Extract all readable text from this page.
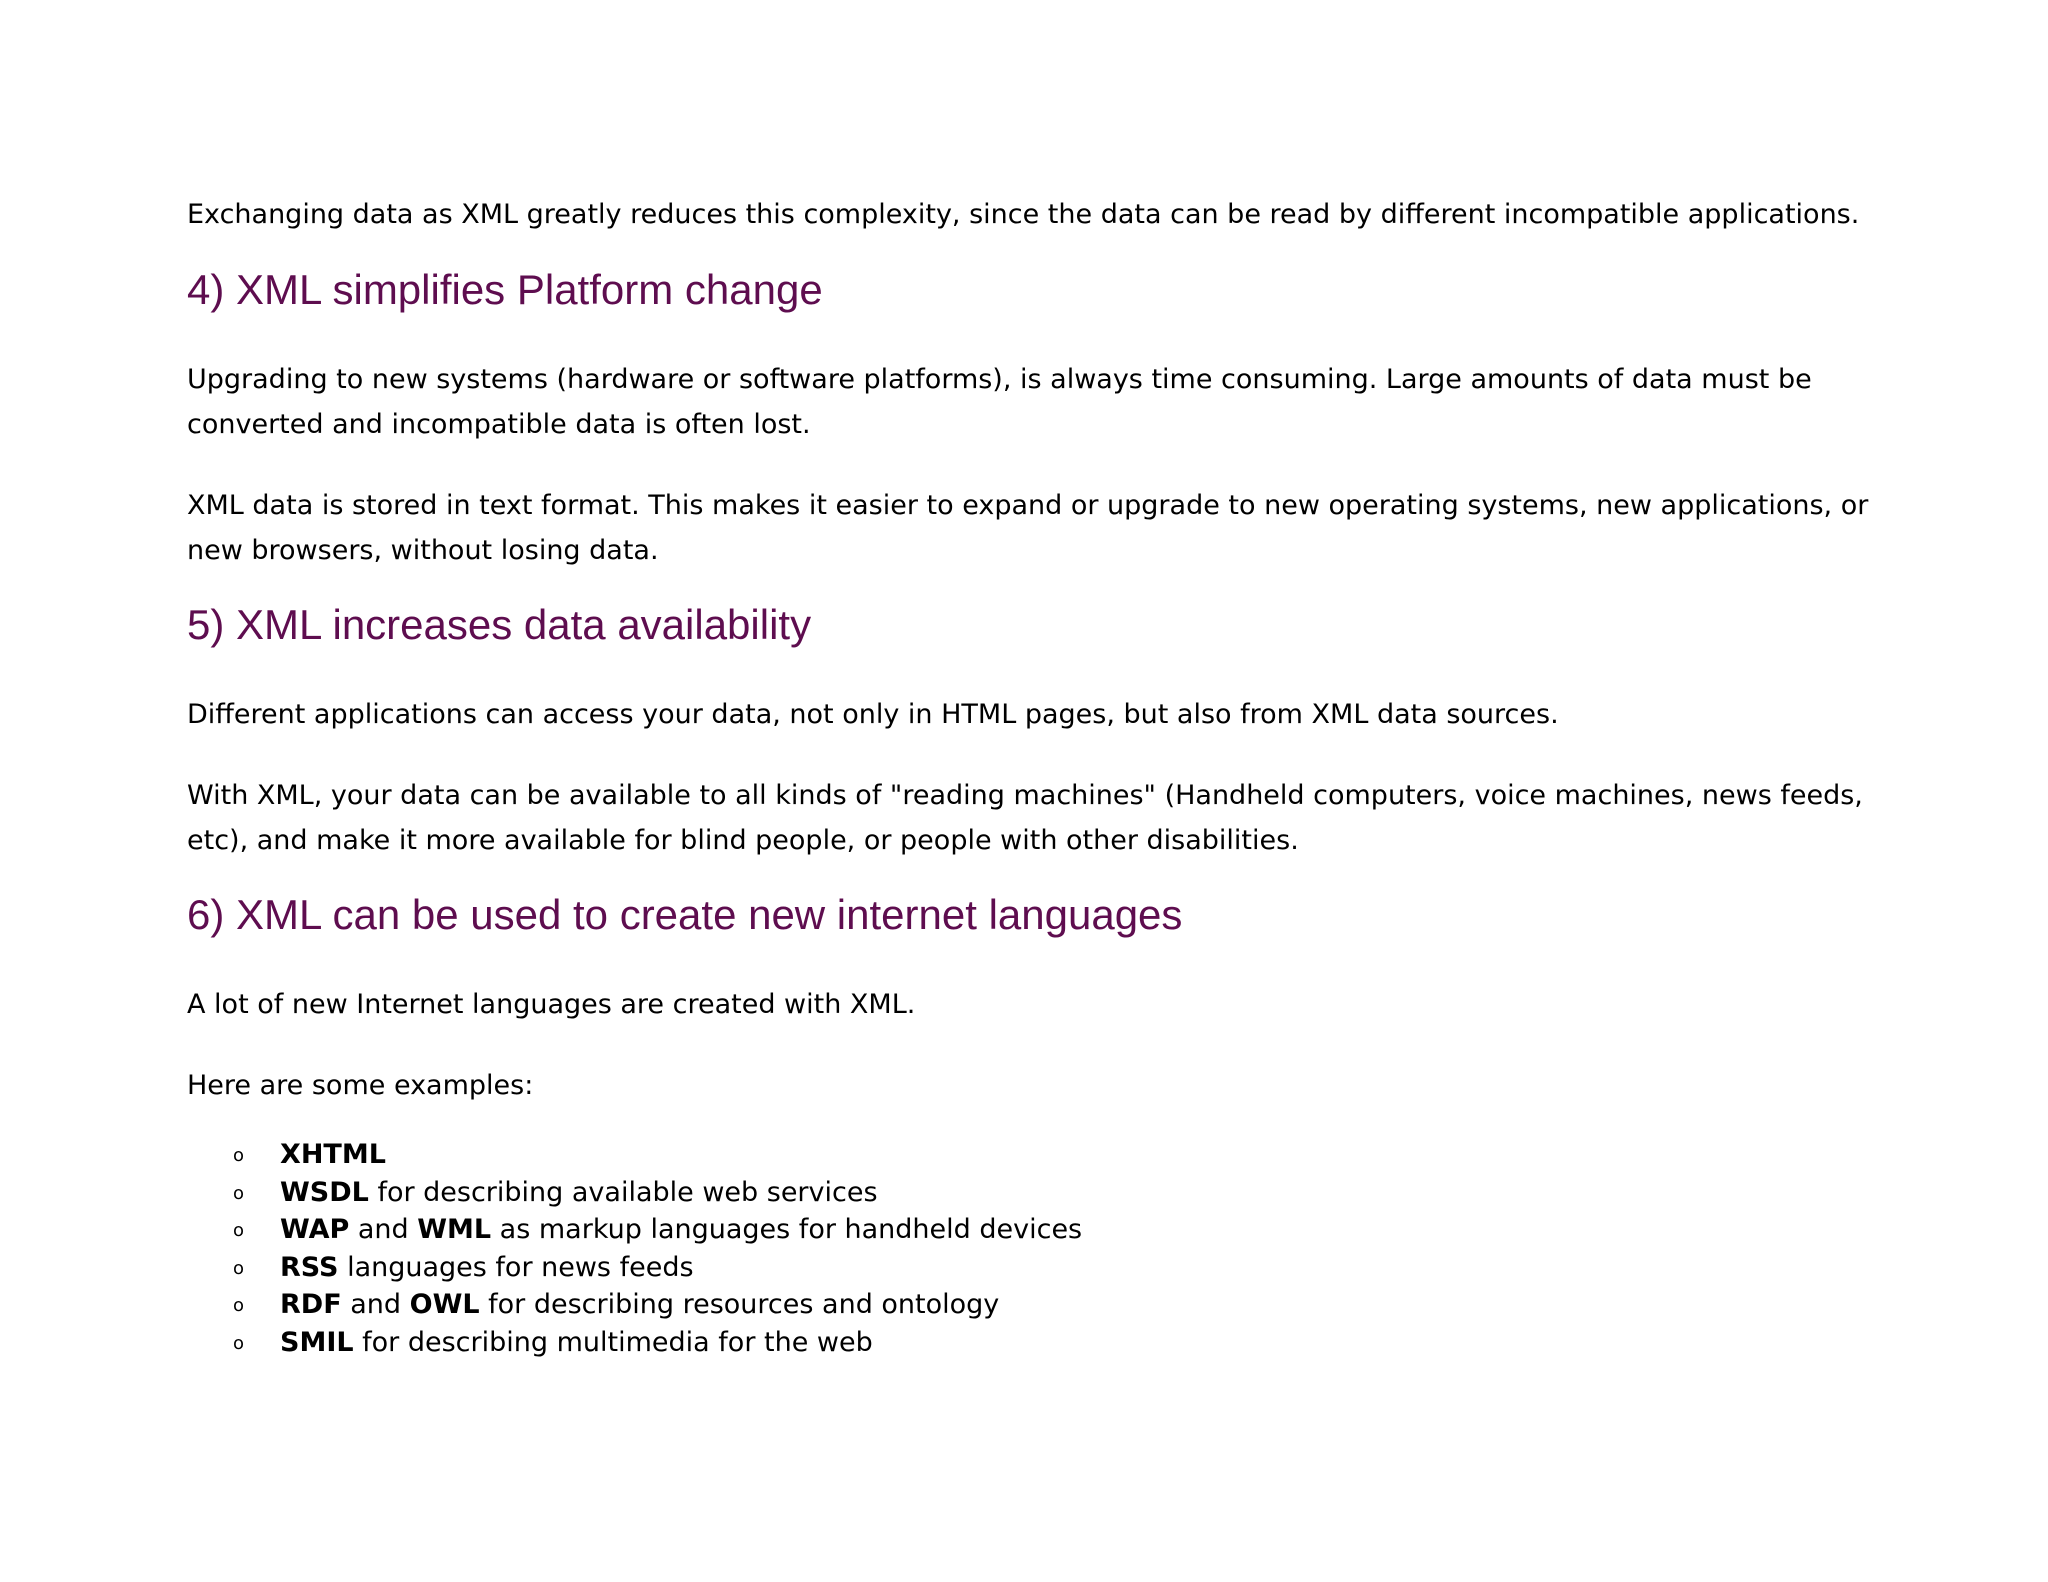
Exchanging data as XML greatly reduces this complexity, since the data can be read by different incompatible applications.

4) XML simplifies Platform change
Upgrading to new systems (hardware or software platforms), is always time consuming. Large amounts of data must be
converted and incompatible data is often lost.
XML data is stored in text format. This makes it easier to expand or upgrade to new operating systems, new applications, or
new browsers, without losing data.
5) XML increases data availability

Different applications can access your data, not only in HTML pages, but also from XML data sources.

With XML, your data can be available to all kinds of "reading machines" (Handheld computers, voice machines, news feeds,
etc), and make it more available for blind people, or people with other disabilities.
6) XML can be used to create new internet languages

A lot of new Internet languages are created with XML.

Here are some examples:

o XHTML
o WSDL for describing available web services
o WAP and WML as markup languages for handheld devices
o RSS languages for news feeds
o RDF and OWL for describing resources and ontology
o SMIL for describing multimedia for the web
